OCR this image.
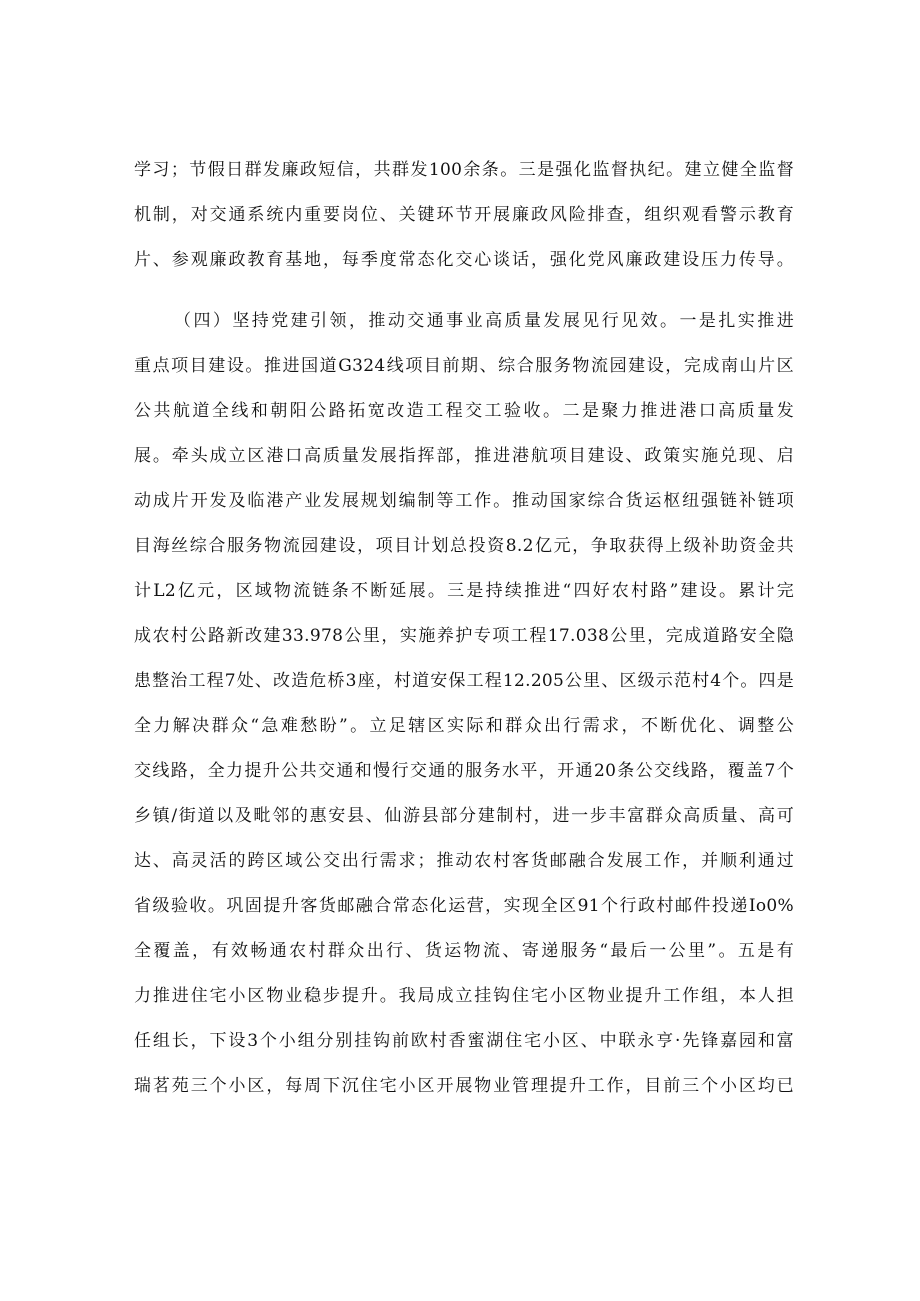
学习；节假日群发廉政短信，共群发100余条。三是强化监督执纪。建立健全监督
机制，对交通系统内重要岗位、关键环节开展廉政风险排查，组织观看警示教育
片、参观廉政教育基地，每季度常态化交心谈话，强化党风廉政建设压力传导。
（四）坚持党建引领，推动交通事业高质量发展见行见效。一是扎实推进
重点项目建设。推进国道G324线项目前期、综合服务物流园建设，完成南山片区
公共航道全线和朝阳公路拓宽改造工程交工验收。二是聚力推进港口高质量发
展。牵头成立区港口高质量发展指挥部，推进港航项目建设、政策实施兑现、启
动成片开发及临港产业发展规划编制等工作。推动国家综合货运枢纽强链补链项
目海丝综合服务物流园建设，项目计划总投资8.2亿元，争取获得上级补助资金共
计L2亿元，区域物流链条不断延展。三是持续推进“四好农村路”建设。累计完
成农村公路新改建33.978公里，实施养护专项工程17.038公里，完成道路安全隐
患整治工程7处、改造危桥3座，村道安保工程12.205公里、区级示范村4个。四是
全力解决群众“急难愁盼”。立足辖区实际和群众出行需求，不断优化、调整公
交线路，全力提升公共交通和慢行交通的服务水平，开通20条公交线路，覆盖7个
乡镇/街道以及毗邻的惠安县、仙游县部分建制村，进一步丰富群众高质量、高可
达、高灵活的跨区域公交出行需求；推动农村客货邮融合发展工作，并顺利通过
省级验收。巩固提升客货邮融合常态化运营，实现全区91个行政村邮件投递Io0%
全覆盖，有效畅通农村群众出行、货运物流、寄递服务“最后一公里”。五是有
力推进住宅小区物业稳步提升。我局成立挂钩住宅小区物业提升工作组，本人担
任组长，下设3个小组分别挂钩前欧村香蜜湖住宅小区、中联永亨·先锋嘉园和富
瑞茗苑三个小区，每周下沉住宅小区开展物业管理提升工作，目前三个小区均已
